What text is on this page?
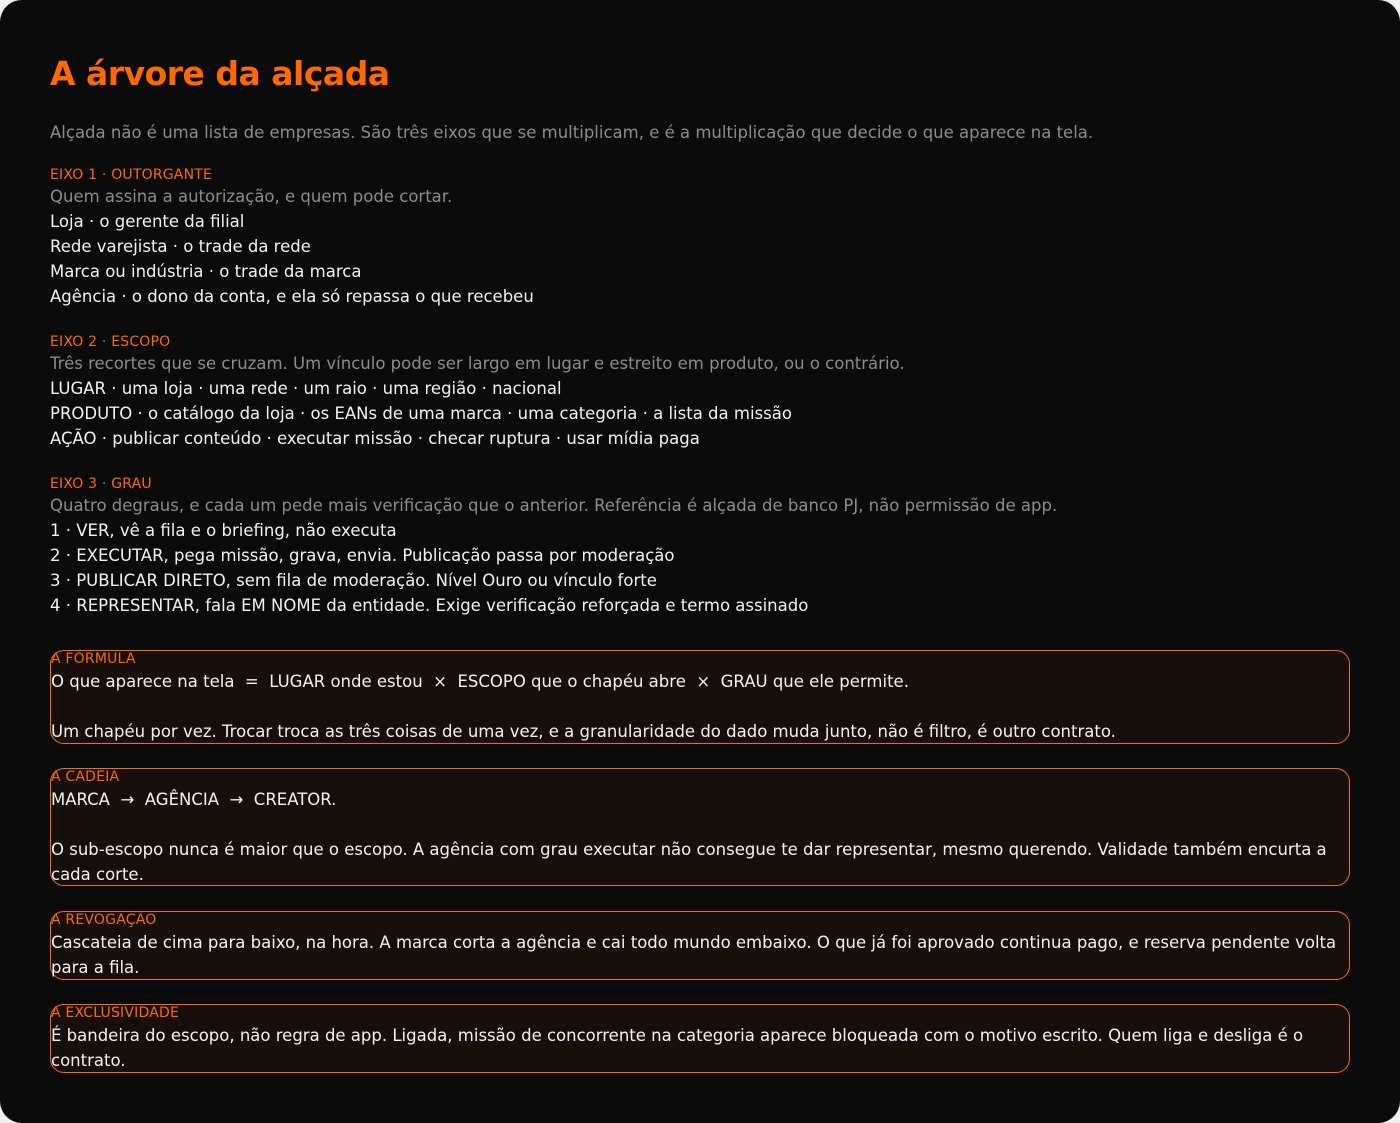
A árvore da alçada

Alçada não é uma lista de empresas. São três eixos que se multiplicam, e é a multiplicação que decide o que aparece na tela.

EIXO 1 · OUTORGANTE

Quem assina a autorização, e quem pode cortar.

Loja · o gerente da filial

Rede varejista · o trade da rede

Marca ou indústria · o trade da marca

Agência · o dono da conta, e ela só repassa o que recebeu

EIXO 2 · ESCOPO

Três recortes que se cruzam. Um vínculo pode ser largo em lugar e estreito em produto, ou o contrário.

LUGAR · uma loja · uma rede · um raio · uma região · nacional

PRODUTO · o catálogo da loja · os EANs de uma marca · uma categoria · a lista da missão

AÇÃO · publicar conteúdo · executar missão · checar ruptura · usar mídia paga

EIXO 3 · GRAU

Quatro degraus, e cada um pede mais verificação que o anterior. Referência é alçada de banco PJ, não permissão de app.

1 · VER, vê a fila e o briefing, não executa

2 · EXECUTAR, pega missão, grava, envia. Publicação passa por moderação

3 · PUBLICAR DIRETO, sem fila de moderação. Nível Ouro ou vínculo forte

4 · REPRESENTAR, fala EM NOME da entidade. Exige verificação reforçada e termo assinado

A FÓRMULA

O que aparece na tela  =  LUGAR onde estou  ×  ESCOPO que o chapéu abre  ×  GRAU que ele permite.

Um chapéu por vez. Trocar troca as três coisas de uma vez, e a granularidade do dado muda junto, não é filtro, é outro contrato.

A CADEIA

MARCA  →  AGÊNCIA  →  CREATOR.

O sub-escopo nunca é maior que o escopo. A agência com grau executar não consegue te dar representar, mesmo querendo. Validade também encurta a cada corte.

A REVOGAÇÃO

Cascateia de cima para baixo, na hora. A marca corta a agência e cai todo mundo embaixo. O que já foi aprovado continua pago, e reserva pendente volta para a fila.

A EXCLUSIVIDADE

É bandeira do escopo, não regra de app. Ligada, missão de concorrente na categoria aparece bloqueada com o motivo escrito. Quem liga e desliga é o contrato.
